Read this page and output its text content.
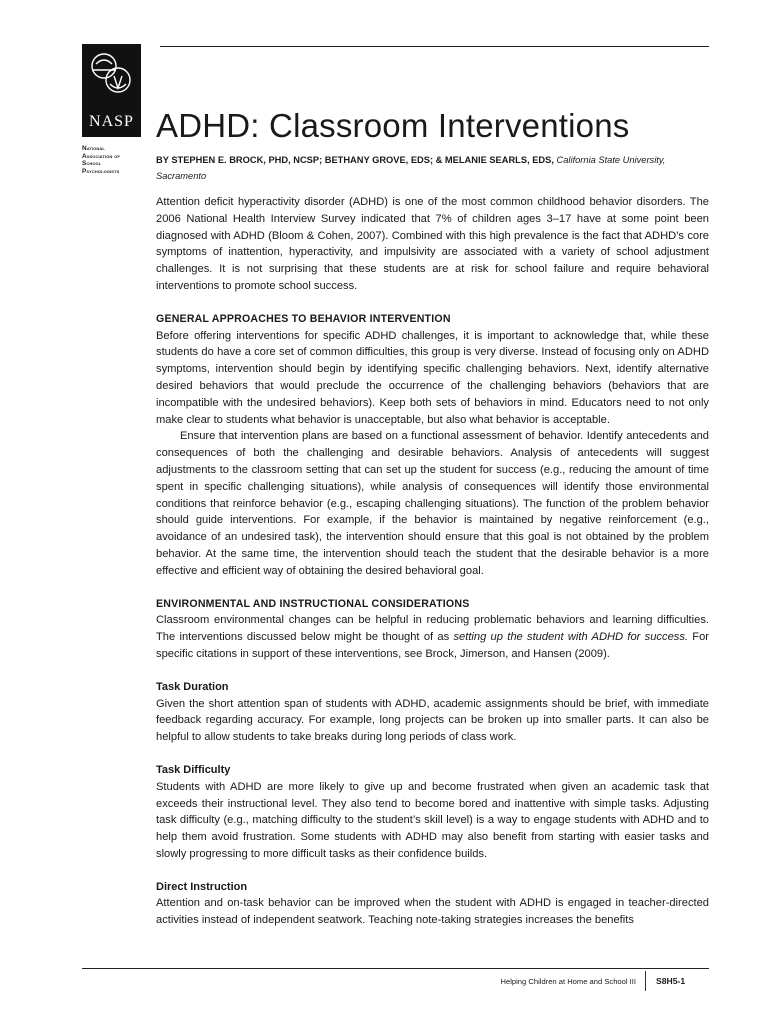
NASP
National
Association of
School
Psychologists
ADHD: Classroom Interventions
BY STEPHEN E. BROCK, PHD, NCSP; BETHANY GROVE, EDS; & MELANIE SEARLS, EDS, California State University, Sacramento

Attention deficit hyperactivity disorder (ADHD) is one of the most common childhood behavior disorders. The 2006 National Health Interview Survey indicated that 7% of children ages 3–17 have at some point been diagnosed with ADHD (Bloom & Cohen, 2007). Combined with this high prevalence is the fact that ADHD’s core symptoms of inattention, hyperactivity, and impulsivity are associated with a variety of school adjustment challenges. It is not surprising that these students are at risk for school failure and require behavioral interventions to promote school success.

GENERAL APPROACHES TO BEHAVIOR INTERVENTION

Before offering interventions for specific ADHD challenges, it is important to acknowledge that, while these students do have a core set of common difficulties, this group is very diverse. Instead of focusing only on ADHD symptoms, intervention should begin by identifying specific challenging behaviors. Next, identify alternative desired behaviors that would preclude the occurrence of the challenging behaviors (behaviors that are incompatible with the undesired behaviors). Keep both sets of behaviors in mind. Educators need to not only make clear to students what behavior is unacceptable, but also what behavior is acceptable.

Ensure that intervention plans are based on a functional assessment of behavior. Identify antecedents and consequences of both the challenging and desirable behaviors. Analysis of antecedents will suggest adjustments to the classroom setting that can set up the student for success (e.g., reducing the amount of time spent in specific challenging situations), while analysis of consequences will identify those environmental conditions that reinforce behavior (e.g., escaping challenging situations). The function of the problem behavior should guide interventions. For example, if the behavior is maintained by negative reinforcement (e.g., avoidance of an undesired task), the intervention should ensure that this goal is not obtained by the problem behavior. At the same time, the intervention should teach the student that the desirable behavior is a more effective and efficient way of obtaining the desired behavioral goal.

ENVIRONMENTAL AND INSTRUCTIONAL CONSIDERATIONS

Classroom environmental changes can be helpful in reducing problematic behaviors and learning difficulties. The interventions discussed below might be thought of as setting up the student with ADHD for success. For specific citations in support of these interventions, see Brock, Jimerson, and Hansen (2009).

Task Duration

Given the short attention span of students with ADHD, academic assignments should be brief, with immediate feedback regarding accuracy. For example, long projects can be broken up into smaller parts. It can also be helpful to allow students to take breaks during long periods of class work.

Task Difficulty

Students with ADHD are more likely to give up and become frustrated when given an academic task that exceeds their instructional level. They also tend to become bored and inattentive with simple tasks. Adjusting task difficulty (e.g., matching difficulty to the student’s skill level) is a way to engage students with ADHD and to help them avoid frustration. Some students with ADHD may also benefit from starting with easier tasks and slowly progressing to more difficult tasks as their confidence builds.

Direct Instruction

Attention and on-task behavior can be improved when the student with ADHD is engaged in teacher-directed activities instead of independent seatwork. Teaching note-taking strategies increases the benefits

Helping Children at Home and School III S8H5-1
